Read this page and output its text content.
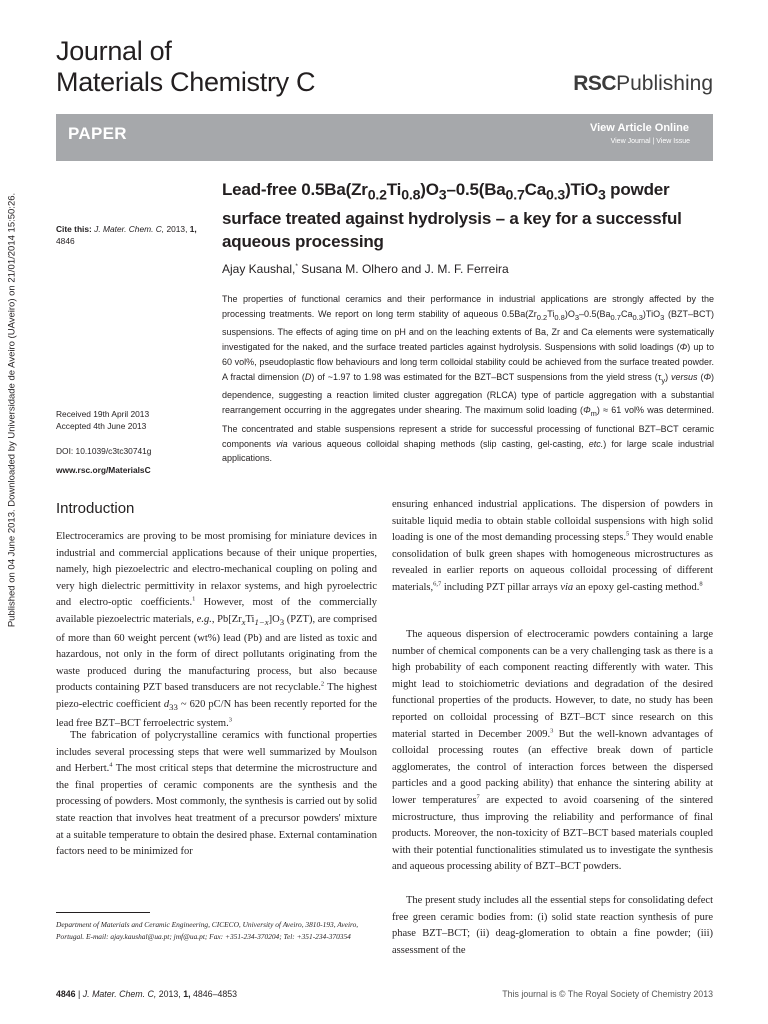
Published on 04 June 2013. Downloaded by Universidade de Aveiro (UAveiro) on 21/01/2014 15:50:26.
Journal of
Materials Chemistry C	RSCPublishing
PAPER	View Article Online
View Journal | View Issue
Cite this: J. Mater. Chem. C, 2013, 1, 4846
Received 19th April 2013
Accepted 4th June 2013
DOI: 10.1039/c3tc30741g
www.rsc.org/MaterialsC
Lead-free $0.5Ba(Zr_{0.2}Ti_{0.8})O_3-0.5(Ba_{0.7}Ca_{0.3})TiO_3$ powder surface treated against hydrolysis – a key for a successful aqueous processing
Ajay Kaushal,* Susana M. Olhero and J. M. F. Ferreira

The properties of functional ceramics and their performance in industrial applications are strongly affected by the processing treatments. We report on long term stability of aqueous $0.5Ba(Zr_{0.2}Ti_{0.8})O_3-0.5(Ba_{0.7}Ca_{0.3})TiO_3$ (BZT–BCT) suspensions. The effects of aging time on pH and on the leaching extents of Ba, Zr and Ca elements were systematically investigated for the naked, and the surface treated particles against hydrolysis. Suspensions with solid loadings (Φ) up to 60 vol%, pseudoplastic flow behaviours and long term colloidal stability could be achieved from the surface treated powder. A fractal dimension (D) of ~1.97 to 1.98 was estimated for the BZT–BCT suspensions from the yield stress $(\tau_y)$ versus (Φ) dependence, suggesting a reaction limited cluster aggregation (RLCA) type of particle aggregation with a substantial rearrangement occurring in the aggregates under shearing. The maximum solid loading $(\Phi_m) \approx 61$ vol% was determined. The concentrated and stable suspensions represent a stride for successful processing of functional BZT–BCT ceramic components via various aqueous colloidal shaping methods (slip casting, gel-casting, etc.) for large scale industrial applications.

Introduction

Electroceramics are proving to be most promising for miniature devices in industrial and commercial applications because of their unique properties, namely, high piezoelectric and electro-mechanical coupling on poling and very high dielectric permittivity in relaxor systems, and high pyroelectric and electro-optic coefficients.$^1$ However, most of the commercially available piezoelectric materials, e.g., $Pb[Zr_xTi_{1-x}]O_3$ (PZT), are comprised of more than 60 weight percent (wt%) lead (Pb) and are listed as toxic and hazardous, not only in the form of direct pollutants originating from the waste produced during the manufacturing process, but also because products containing PZT based transducers are not recyclable.$^2$ The highest piezo-electric coefficient $d_{33}$ ~ 620 pC/N has been recently reported for the lead free BZT–BCT ferroelectric system.$^3$

The fabrication of polycrystalline ceramics with functional properties includes several processing steps that were well summarized by Moulson and Herbert.$^4$ The most critical steps that determine the microstructure and the final properties of ceramic components are the synthesis and the processing of powders. Most commonly, the synthesis is carried out by solid state reaction that involves heat treatment of a precursor powders' mixture at a suitable temperature to obtain the desired phase. External contamination factors need to be minimized for

ensuring enhanced industrial applications. The dispersion of powders in suitable liquid media to obtain stable colloidal suspensions with high solid loading is one of the most demanding processing steps.$^5$ They would enable consolidation of bulk green shapes with homogeneous microstructures as revealed in earlier reports on aqueous colloidal processing of different materials,$^{6,7}$ including PZT pillar arrays via an epoxy gel-casting method.$^8$

The aqueous dispersion of electroceramic powders containing a large number of chemical components can be a very challenging task as there is a high probability of each component reacting differently with water. This might lead to stoichiometric deviations and degradation of the desired functional properties of the products. However, to date, no study has been reported on colloidal processing of BZT–BCT since research on this material started in December 2009.$^3$ But the well-known advantages of colloidal processing routes (an effective break down of particle agglomerates, the control of interaction forces between the dispersed particles and a good packing ability) that enhance the sintering ability at lower temperatures$^7$ are expected to avoid coarsening of the sintered microstructure, thus improving the reliability and performance of final products. Moreover, the non-toxicity of BZT–BCT based materials coupled with their potential functionalities stimulated us to investigate the synthesis and aqueous processing ability of BZT–BCT powders.

The present study includes all the essential steps for consolidating defect free green ceramic bodies from: (i) solid state reaction synthesis of pure phase BZT–BCT; (ii) deag-glomeration to obtain a fine powder; (iii) assessment of the

Department of Materials and Ceramic Engineering, CICECO, University of Aveiro, 3810-193, Aveiro, Portugal. E-mail: ajay.kaushal@ua.pt; jmf@ua.pt; Fax: +351-234-370204; Tel: +351-234-370354

4846 | J. Mater. Chem. C, 2013, 1, 4846–4853	This journal is © The Royal Society of Chemistry 2013
